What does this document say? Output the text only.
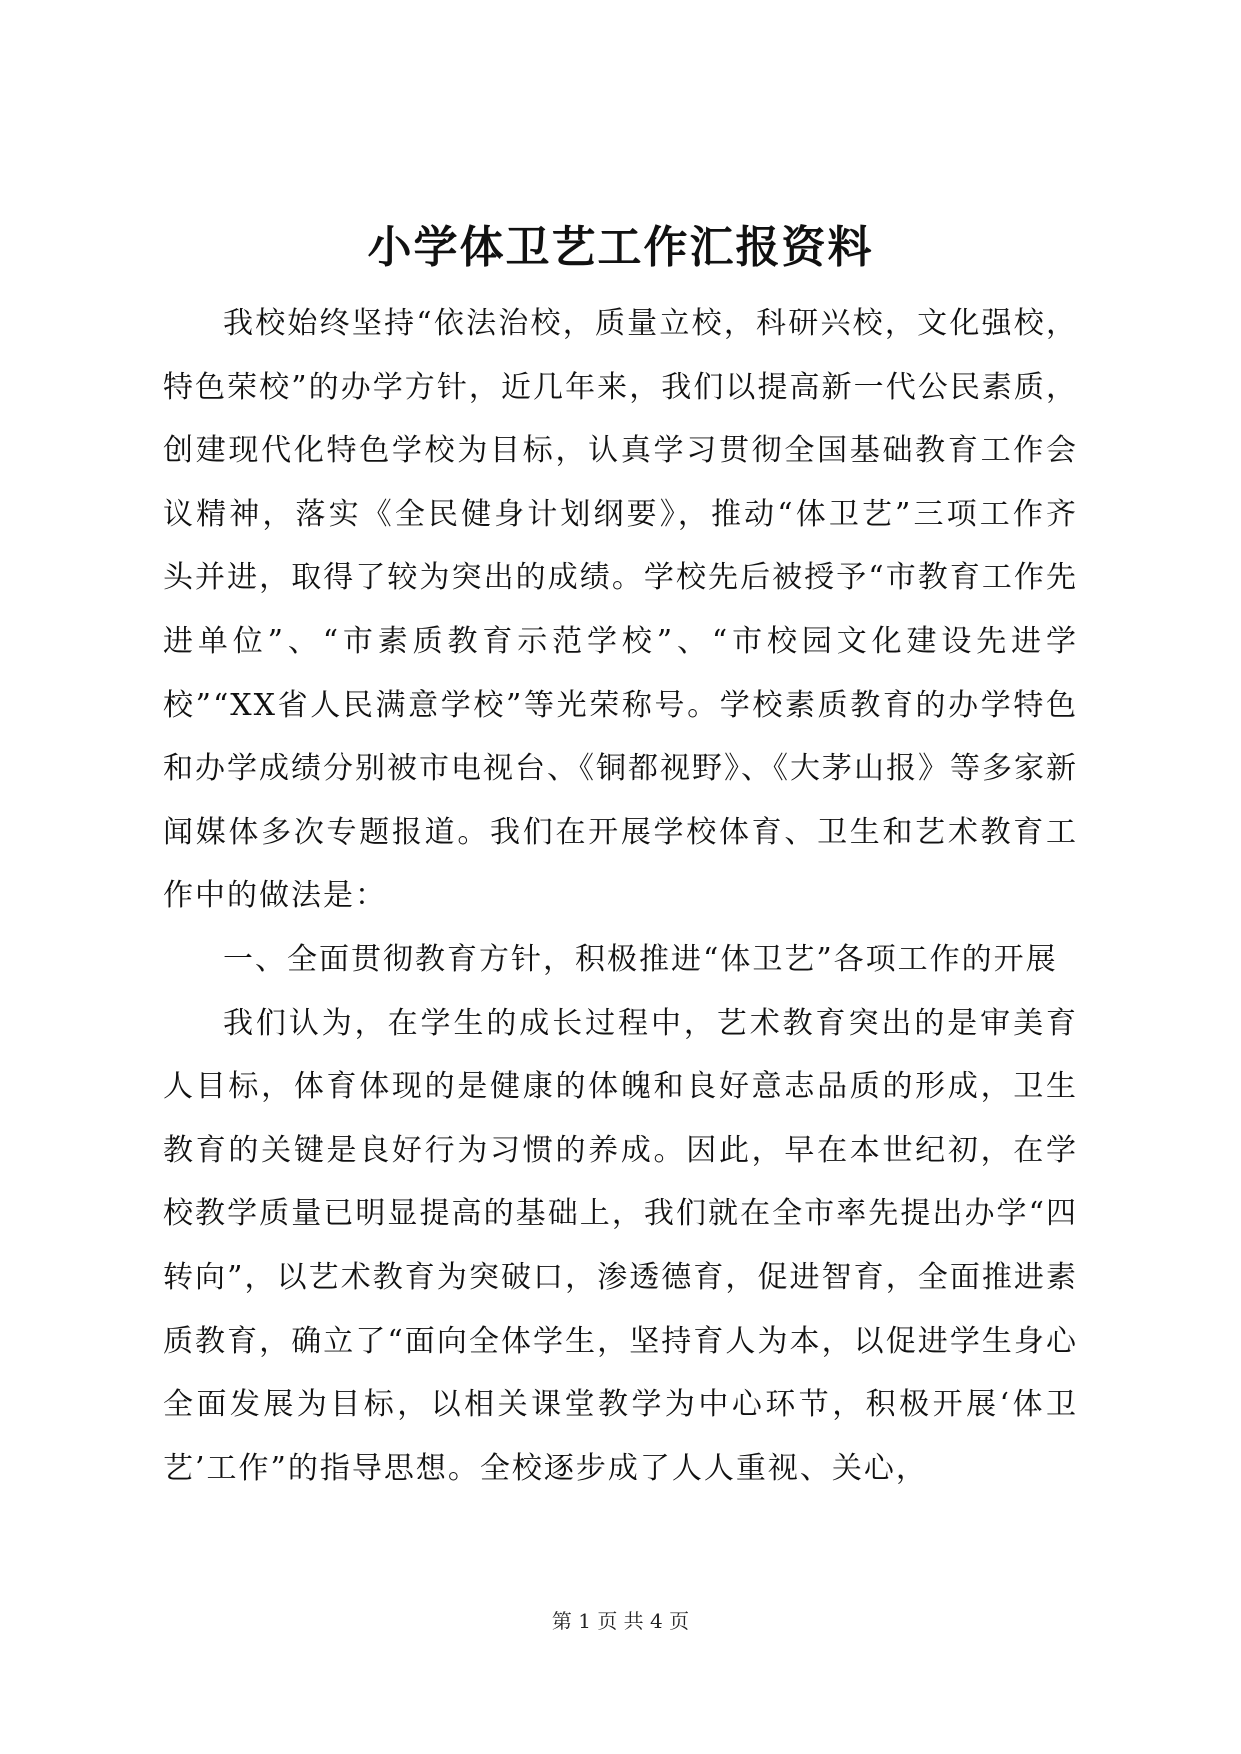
小学体卫艺工作汇报资料

我校始终坚持“依法治校，质量立校，科研兴校，文化强校，特色荣校”的办学方针，近几年来，我们以提高新一代公民素质，创建现代化特色学校为目标，认真学习贯彻全国基础教育工作会议精神，落实《全民健身计划纲要》，推动“体卫艺”三项工作齐头并进，取得了较为突出的成绩。学校先后被授予“市教育工作先进单位”、“市素质教育示范学校”、“市校园文化建设先进学校”“XX省人民满意学校”等光荣称号。学校素质教育的办学特色和办学成绩分别被市电视台、《铜都视野》、《大茅山报》等多家新闻媒体多次专题报道。我们在开展学校体育、卫生和艺术教育工作中的做法是：

一、全面贯彻教育方针，积极推进“体卫艺”各项工作的开展

我们认为，在学生的成长过程中，艺术教育突出的是审美育人目标，体育体现的是健康的体魄和良好意志品质的形成，卫生教育的关键是良好行为习惯的养成。因此，早在本世纪初，在学校教学质量已明显提高的基础上，我们就在全市率先提出办学“四转向”，以艺术教育为突破口，渗透德育，促进智育，全面推进素质教育，确立了“面向全体学生，坚持育人为本，以促进学生身心全面发展为目标，以相关课堂教学为中心环节，积极开展‘体卫艺’工作”的指导思想。全校逐步成了人人重视、关心，

第 1 页 共 4 页
